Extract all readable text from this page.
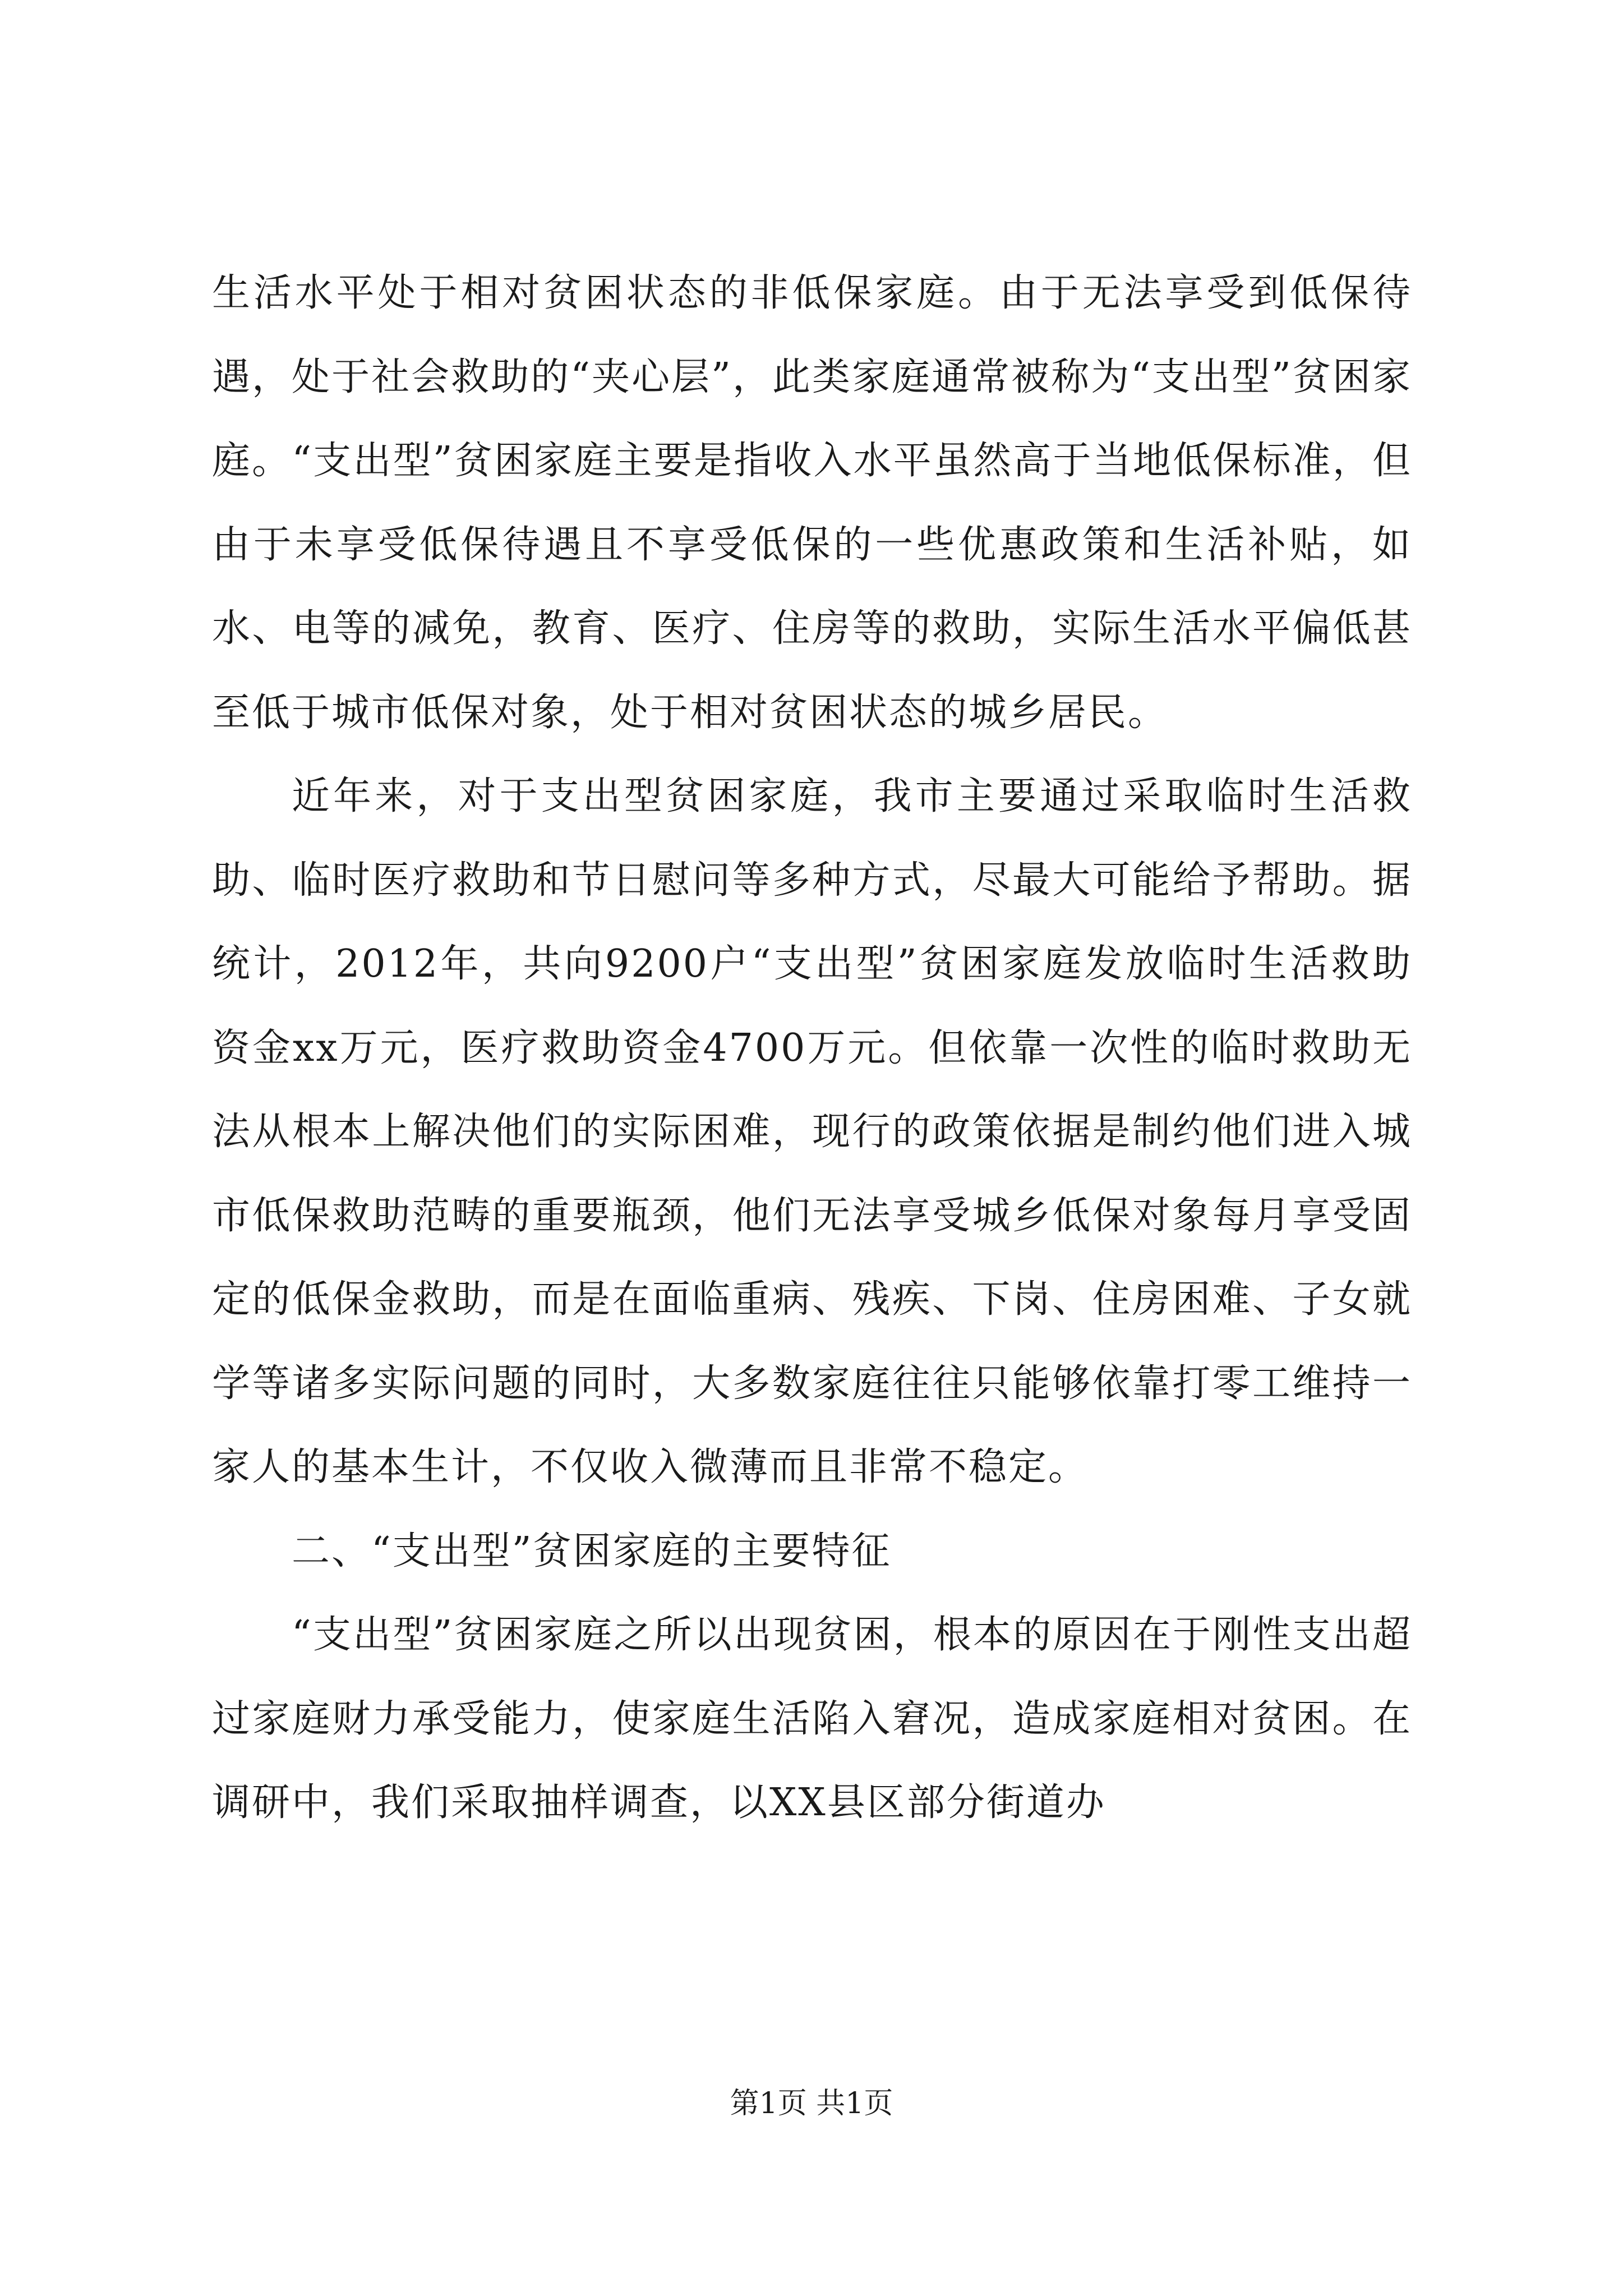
生活水平处于相对贫困状态的非低保家庭。由于无法享受到低保待遇，处于社会救助的“夹心层”，此类家庭通常被称为“支出型”贫困家庭。“支出型”贫困家庭主要是指收入水平虽然高于当地低保标准，但由于未享受低保待遇且不享受低保的一些优惠政策和生活补贴，如水、电等的减免，教育、医疗、住房等的救助，实际生活水平偏低甚至低于城市低保对象，处于相对贫困状态的城乡居民。

近年来，对于支出型贫困家庭，我市主要通过采取临时生活救助、临时医疗救助和节日慰问等多种方式，尽最大可能给予帮助。据统计，2012年，共向9200户“支出型”贫困家庭发放临时生活救助资金xx万元，医疗救助资金4700万元。但依靠一次性的临时救助无法从根本上解决他们的实际困难，现行的政策依据是制约他们进入城市低保救助范畴的重要瓶颈，他们无法享受城乡低保对象每月享受固定的低保金救助，而是在面临重病、残疾、下岗、住房困难、子女就学等诸多实际问题的同时，大多数家庭往往只能够依靠打零工维持一家人的基本生计，不仅收入微薄而且非常不稳定。

二、“支出型”贫困家庭的主要特征

“支出型”贫困家庭之所以出现贫困，根本的原因在于刚性支出超过家庭财力承受能力，使家庭生活陷入窘况，造成家庭相对贫困。在调研中，我们采取抽样调查，以XX县区部分街道办

第1页 共1页
